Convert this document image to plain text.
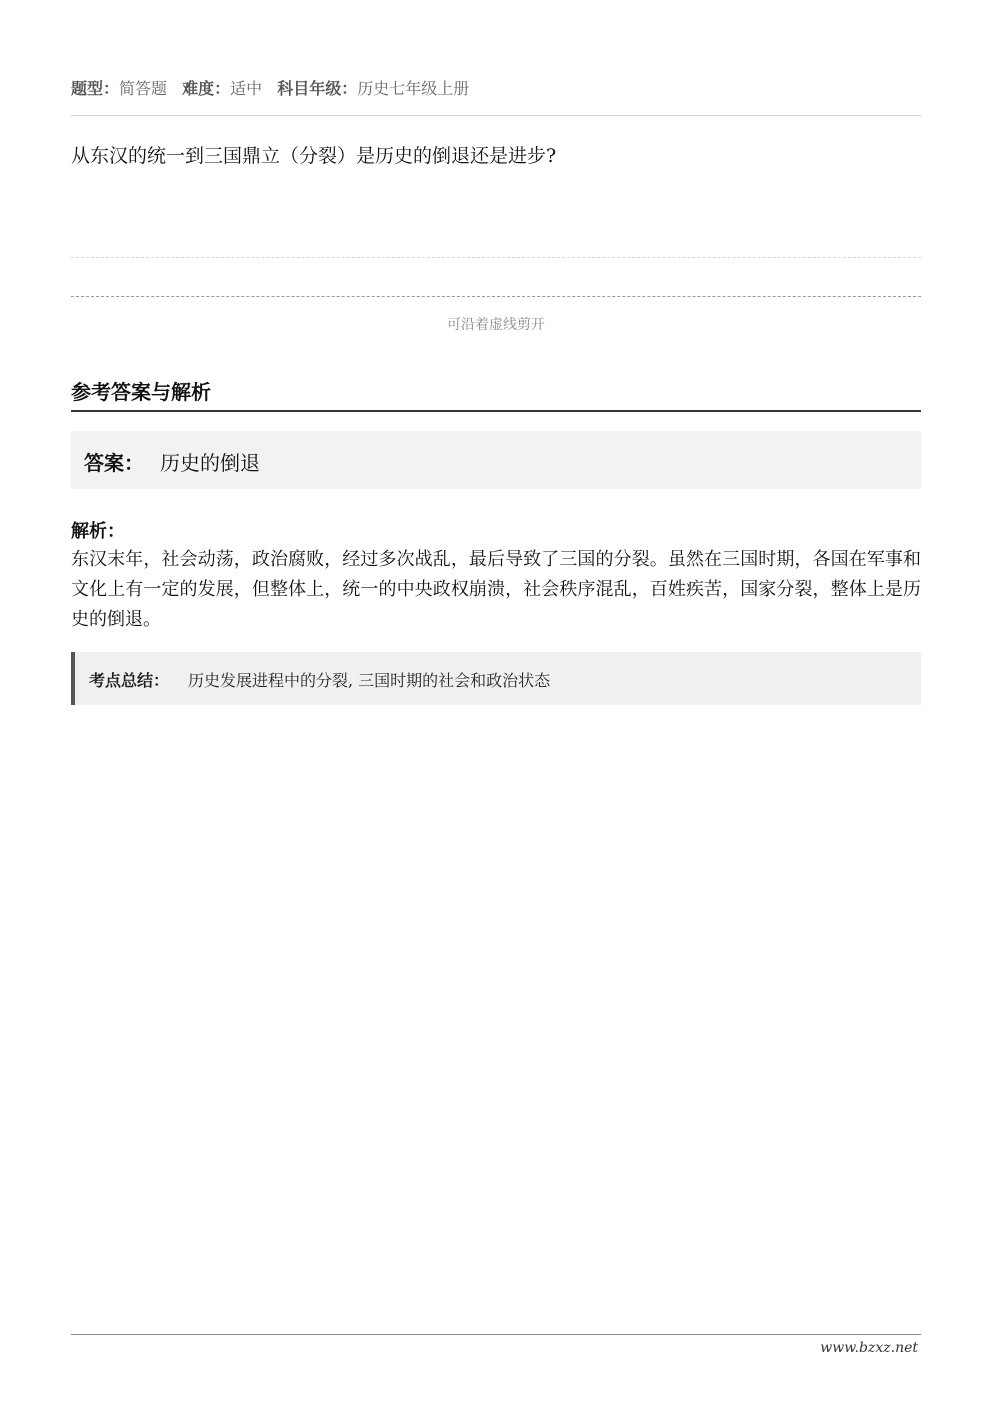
题型：简答题 难度：适中 科目年级：历史七年级上册
从东汉的统一到三国鼎立（分裂）是历史的倒退还是进步?
可沿着虚线剪开
参考答案与解析
答案： 历史的倒退
解析：
东汉末年，社会动荡，政治腐败，经过多次战乱，最后导致了三国的分裂。虽然在三国时期，各国在军事和文化上有一定的发展，但整体上，统一的中央政权崩溃，社会秩序混乱，百姓疾苦，国家分裂，整体上是历史的倒退。
考点总结： 历史发展进程中的分裂, 三国时期的社会和政治状态
www.bzxz.net
